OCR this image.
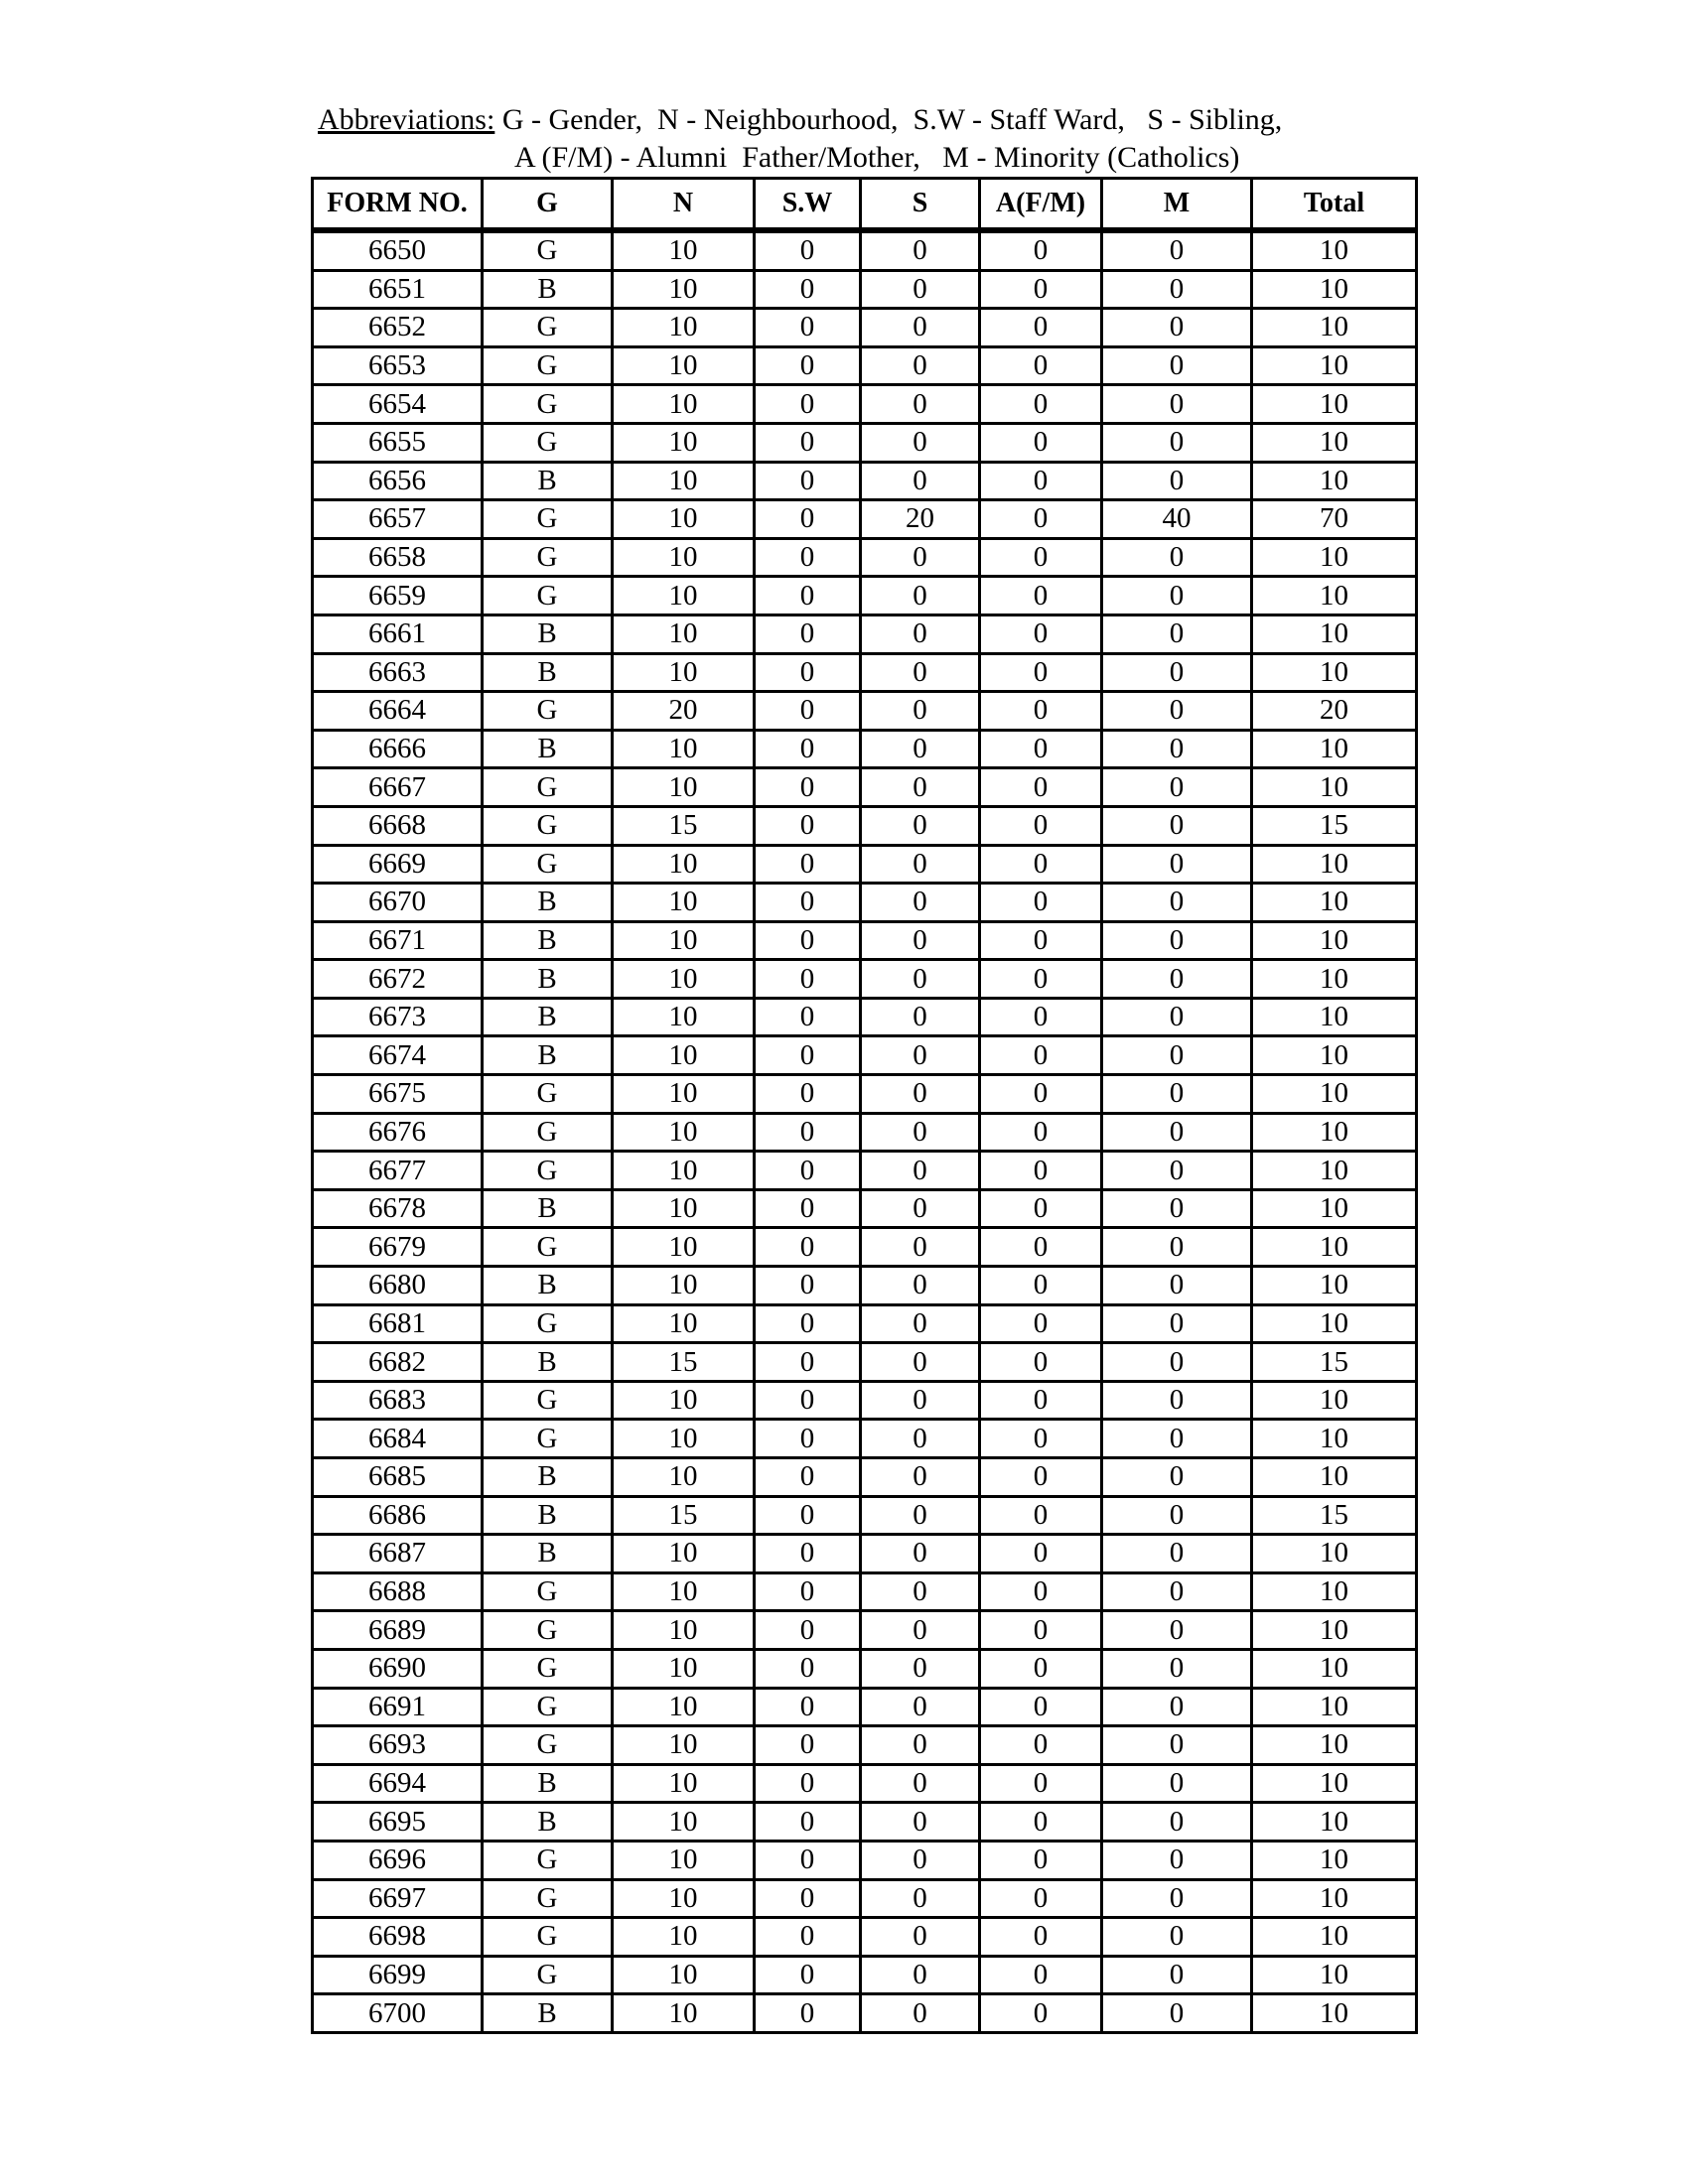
Abbreviations: G - Gender,  N - Neighbourhood,  S.W - Staff Ward,   S - Sibling,
A (F/M) - Alumni  Father/Mother,   M - Minority (Catholics)
FORM NO.	G	N	S.W	S	A(F/M)	M	Total
6650	G	10	0	0	0	0	10
6651	B	10	0	0	0	0	10
6652	G	10	0	0	0	0	10
6653	G	10	0	0	0	0	10
6654	G	10	0	0	0	0	10
6655	G	10	0	0	0	0	10
6656	B	10	0	0	0	0	10
6657	G	10	0	20	0	40	70
6658	G	10	0	0	0	0	10
6659	G	10	0	0	0	0	10
6661	B	10	0	0	0	0	10
6663	B	10	0	0	0	0	10
6664	G	20	0	0	0	0	20
6666	B	10	0	0	0	0	10
6667	G	10	0	0	0	0	10
6668	G	15	0	0	0	0	15
6669	G	10	0	0	0	0	10
6670	B	10	0	0	0	0	10
6671	B	10	0	0	0	0	10
6672	B	10	0	0	0	0	10
6673	B	10	0	0	0	0	10
6674	B	10	0	0	0	0	10
6675	G	10	0	0	0	0	10
6676	G	10	0	0	0	0	10
6677	G	10	0	0	0	0	10
6678	B	10	0	0	0	0	10
6679	G	10	0	0	0	0	10
6680	B	10	0	0	0	0	10
6681	G	10	0	0	0	0	10
6682	B	15	0	0	0	0	15
6683	G	10	0	0	0	0	10
6684	G	10	0	0	0	0	10
6685	B	10	0	0	0	0	10
6686	B	15	0	0	0	0	15
6687	B	10	0	0	0	0	10
6688	G	10	0	0	0	0	10
6689	G	10	0	0	0	0	10
6690	G	10	0	0	0	0	10
6691	G	10	0	0	0	0	10
6693	G	10	0	0	0	0	10
6694	B	10	0	0	0	0	10
6695	B	10	0	0	0	0	10
6696	G	10	0	0	0	0	10
6697	G	10	0	0	0	0	10
6698	G	10	0	0	0	0	10
6699	G	10	0	0	0	0	10
6700	B	10	0	0	0	0	10
